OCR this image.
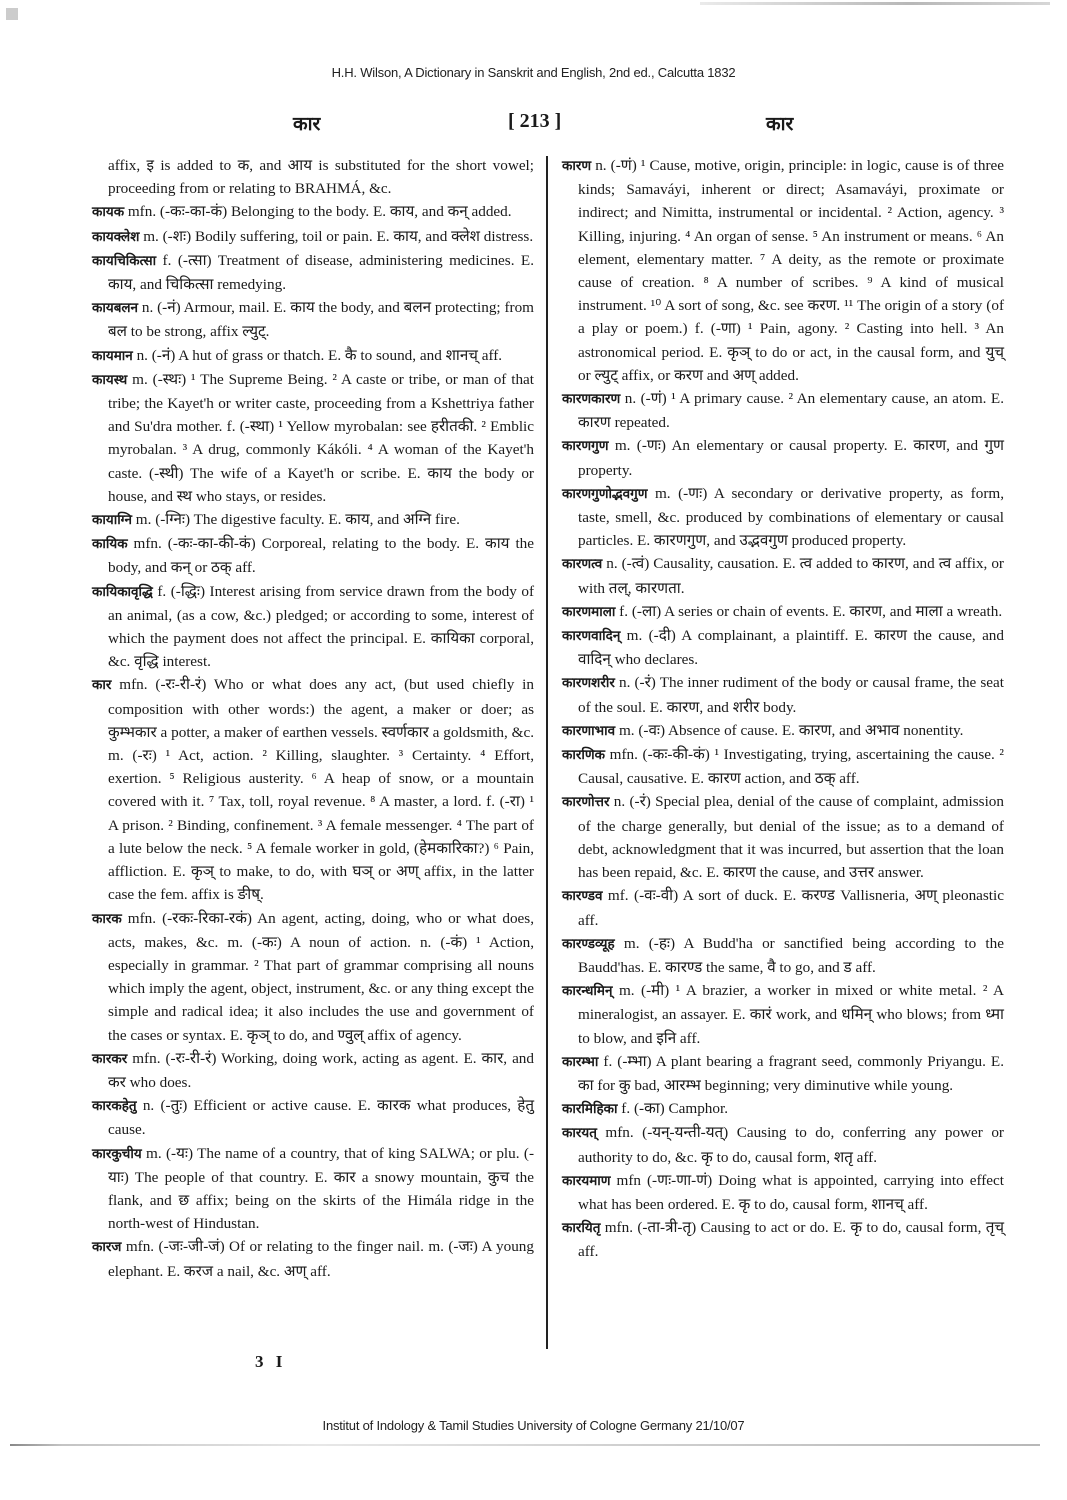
H.H. Wilson, A Dictionary in Sanskrit and English, 2nd ed., Calcutta 1832
कार	[ 213 ]	कार

affix, इ is added to क, and आय is substituted for the short vowel; proceeding from or relating to BRAHMÁ, &c.

कायक mfn. (-कः-का-कं) Belonging to the body. E. काय, and कन् added.

कायक्लेश m. (-शः) Bodily suffering, toil or pain. E. काय, and क्लेश distress.

कायचिकित्सा f. (-त्सा) Treatment of disease, administering medicines. E. काय, and चिकित्सा remedying.

कायबलन n. (-नं) Armour, mail. E. काय the body, and बलन protecting; from बल to be strong, affix ल्युट्.

कायमान n. (-नं) A hut of grass or thatch. E. कै to sound, and शानच् aff.

कायस्थ m. (-स्थः) ¹ The Supreme Being. ² A caste or tribe, or man of that tribe; the Kayet'h or writer caste, proceeding from a Kshettriya father and Su'dra mother. f. (-स्था) ¹ Yellow myrobalan: see हरीतकी. ² Emblic myrobalan. ³ A drug, commonly Kákóli. ⁴ A woman of the Kayet'h caste. (-स्थी) The wife of a Kayet'h or scribe. E. काय the body or house, and स्थ who stays, or resides.

कायाग्नि m. (-ग्निः) The digestive faculty. E. काय, and अग्नि fire.

कायिक mfn. (-कः-का-की-कं) Corporeal, relating to the body. E. काय the body, and कन् or ठक् aff.

कायिकावृद्धि f. (-द्धिः) Interest arising from service drawn from the body of an animal, (as a cow, &c.) pledged; or according to some, interest of which the payment does not affect the principal. E. कायिका corporal, &c. वृद्धि interest.

कार mfn. (-रः-री-रं) Who or what does any act, (but used chiefly in composition with other words:) the agent, a maker or doer; as कुम्भकार a potter, a maker of earthen vessels. स्वर्णकार a goldsmith, &c. m. (-रः) ¹ Act, action. ² Killing, slaughter. ³ Certainty. ⁴ Effort, exertion. ⁵ Religious austerity. ⁶ A heap of snow, or a mountain covered with it. ⁷ Tax, toll, royal revenue. ⁸ A master, a lord. f. (-रा) ¹ A prison. ² Binding, confinement. ³ A female messenger. ⁴ The part of a lute below the neck. ⁵ A female worker in gold, (हेमकारिका?) ⁶ Pain, affliction. E. कृञ् to make, to do, with घञ् or अण् affix, in the latter case the fem. affix is ङीष्.

कारक mfn. (-रकः-रिका-रकं) An agent, acting, doing, who or what does, acts, makes, &c. m. (-कः) A noun of action. n. (-कं) ¹ Action, especially in grammar. ² That part of grammar comprising all nouns which imply the agent, object, instrument, &c. or any thing except the simple and radical idea; it also includes the use and government of the cases or syntax. E. कृञ् to do, and ण्वुल् affix of agency.

कारकर mfn. (-रः-री-रं) Working, doing work, acting as agent. E. कार, and कर who does.

कारकहेतु n. (-तुः) Efficient or active cause. E. कारक what produces, हेतु cause.

कारकुचीय m. (-यः) The name of a country, that of king SALWA; or plu. (-याः) The people of that country. E. कार a snowy mountain, कुच the flank, and छ affix; being on the skirts of the Himála ridge in the north-west of Hindustan.

कारज mfn. (-जः-जी-जं) Of or relating to the finger nail. m. (-जः) A young elephant. E. करज a nail, &c. अण् aff.

कारण n. (-णं) ¹ Cause, motive, origin, principle: in logic, cause is of three kinds; Samaváyi, inherent or direct; Asamaváyi, proximate or indirect; and Nimitta, instrumental or incidental. ² Action, agency. ³ Killing, injuring. ⁴ An organ of sense. ⁵ An instrument or means. ⁶ An element, elementary matter. ⁷ A deity, as the remote or proximate cause of creation. ⁸ A number of scribes. ⁹ A kind of musical instrument. ¹⁰ A sort of song, &c. see करण. ¹¹ The origin of a story (of a play or poem.) f. (-णा) ¹ Pain, agony. ² Casting into hell. ³ An astronomical period. E. कृञ् to do or act, in the causal form, and युच् or ल्युट् affix, or करण and अण् added.

कारणकारण n. (-णं) ¹ A primary cause. ² An elementary cause, an atom. E. कारण repeated.

कारणगुण m. (-णः) An elementary or causal property. E. कारण, and गुण property.

कारणगुणोद्भवगुण m. (-णः) A secondary or derivative property, as form, taste, smell, &c. produced by combinations of elementary or causal particles. E. कारणगुण, and उद्भवगुण produced property.

कारणत्व n. (-त्वं) Causality, causation. E. त्व added to कारण, and त्व affix, or with तल्, कारणता.

कारणमाला f. (-ला) A series or chain of events. E. कारण, and माला a wreath.

कारणवादिन् m. (-दी) A complainant, a plaintiff. E. कारण the cause, and वादिन् who declares.

कारणशरीर n. (-रं) The inner rudiment of the body or causal frame, the seat of the soul. E. कारण, and शरीर body.

कारणाभाव m. (-वः) Absence of cause. E. कारण, and अभाव nonentity.

कारणिक mfn. (-कः-की-कं) ¹ Investigating, trying, ascertaining the cause. ² Causal, causative. E. कारण action, and ठक् aff.

कारणोत्तर n. (-रं) Special plea, denial of the cause of complaint, admission of the charge generally, but denial of the issue; as to a demand of debt, acknowledgment that it was incurred, but assertion that the loan has been repaid, &c. E. कारण the cause, and उत्तर answer.

कारण्डव mf. (-वः-वी) A sort of duck. E. करण्ड Vallisneria, अण् pleonastic aff.

कारण्डव्यूह m. (-हः) A Budd'ha or sanctified being according to the Baudd'has. E. कारण्ड the same, वै to go, and ड aff.

कारन्धमिन् m. (-मी) ¹ A brazier, a worker in mixed or white metal. ² A mineralogist, an assayer. E. कारं work, and धमिन् who blows; from ध्मा to blow, and इनि aff.

कारम्भा f. (-म्भा) A plant bearing a fragrant seed, commonly Priyangu. E. का for कु bad, आरम्भ beginning; very diminutive while young.

कारमिहिका f. (-का) Camphor.

कारयत् mfn. (-यन्-यन्ती-यत्) Causing to do, conferring any power or authority to do, &c. कृ to do, causal form, शतृ aff.

कारयमाण mfn (-णः-णा-णं) Doing what is appointed, carrying into effect what has been ordered. E. कृ to do, causal form, शानच् aff.

कारयितृ mfn. (-ता-त्री-तृ) Causing to act or do. E. कृ to do, causal form, तृच् aff.

3 I
Institut of Indology & Tamil Studies University of Cologne Germany 21/10/07
